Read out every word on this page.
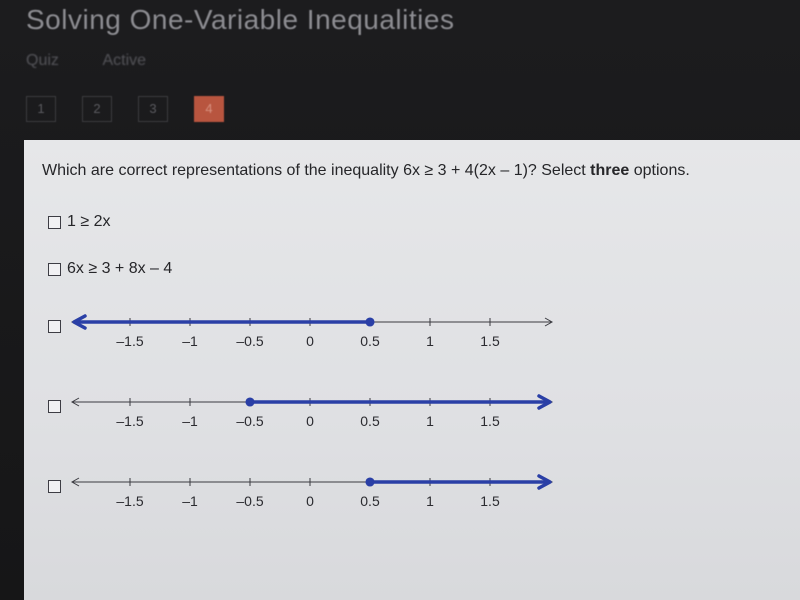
Solving One-Variable Inequalities
Quiz	Active
1	2	3	4
Which are correct representations of the inequality 6x ≥ 3 + 4(2x – 1)? Select three options.
1 ≥ 2x
6x ≥ 3 + 8x – 4
–1.5	–1	–0.5	0	0.5	1	1.5
–1.5	–1	–0.5	0	0.5	1	1.5
–1.5	–1	–0.5	0	0.5	1	1.5
